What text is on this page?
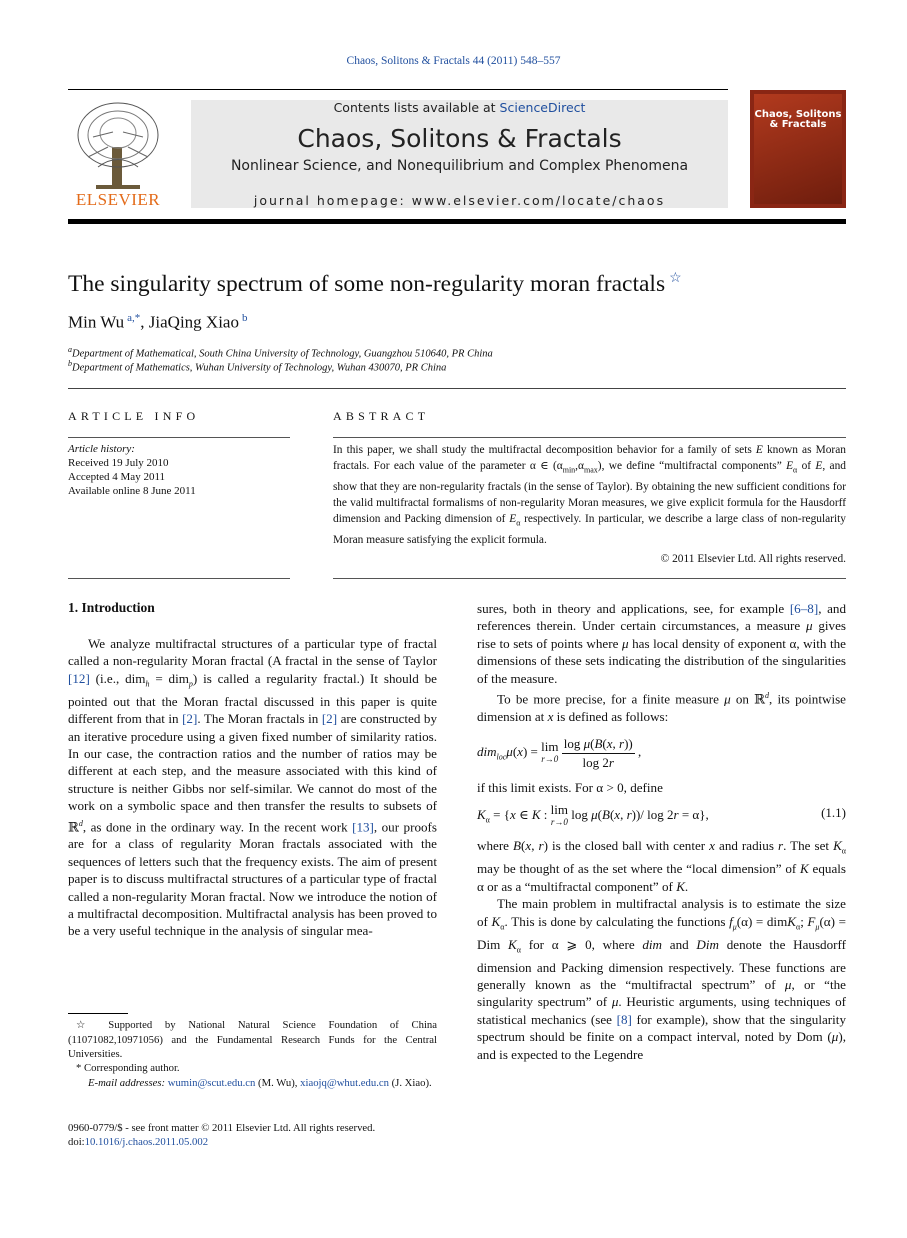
Chaos, Solitons & Fractals 44 (2011) 548–557
ELSEVIER
Contents lists available at ScienceDirect
Chaos, Solitons & Fractals
Nonlinear Science, and Nonequilibrium and Complex Phenomena
journal homepage: www.elsevier.com/locate/chaos
Chaos, Solitons & Fractals
The singularity spectrum of some non-regularity moran fractals ☆
Min Wu $^{a,*}$, JiaQing Xiao $^b$
$^a$Department of Mathematical, South China University of Technology, Guangzhou 510640, PR China
$^b$Department of Mathematics, Wuhan University of Technology, Wuhan 430070, PR China
ARTICLE INFO
Article history:
Received 19 July 2010
Accepted 4 May 2011
Available online 8 June 2011
ABSTRACT
In this paper, we shall study the multifractal decomposition behavior for a family of sets E known as Moran fractals. For each value of the parameter α ∈ $(\alpha_{min},\alpha_{max})$, we define “multifractal components” $E_\alpha$ of E, and show that they are non-regularity fractals (in the sense of Taylor). By obtaining the new sufficient conditions for the valid multifractal formalisms of non-regularity Moran measures, we give explicit formula for the Hausdorff dimension and Packing dimension of $E_\alpha$ respectively. In particular, we describe a large class of non-regularity Moran measure satisfying the explicit formula.
© 2011 Elsevier Ltd. All rights reserved.
1. Introduction

We analyze multifractal structures of a particular type of fractal called a non-regularity Moran fractal (A fractal in the sense of Taylor [12] (i.e., dim$_h$ = dim$_p$) is called a regularity fractal.) It should be pointed out that the Moran fractal discussed in this paper is quite different from that in [2]. The Moran fractals in [2] are constructed by an iterative procedure using a given fixed number of similarity ratios. In our case, the contraction ratios and the number of ratios may be different at each step, and the measure associated with this kind of structure is neither Gibbs nor self-similar. We cannot do most of the work on a symbolic space and then transfer the results to subsets of ℝ$^d$, as done in the ordinary way. In the recent work [13], our proofs are for a class of regularity Moran fractals associated with the sequences of letters such that the frequency exists. The aim of present paper is to discuss multifractal structures of a particular type of fractal called a non-regularity Moran fractal. Now we introduce the notion of a multifractal decomposition. Multifractal analysis has been proved to be a very useful technique in the analysis of singular mea-

☆ Supported by National Natural Science Foundation of China (11071082,10971056) and the Fundamental Research Funds for the Central Universities.
* Corresponding author.
E-mail addresses: wumin@scut.edu.cn (M. Wu), xiaojq@whut.edu.cn (J. Xiao).
0960-0779/$ - see front matter © 2011 Elsevier Ltd. All rights reserved.
doi:10.1016/j.chaos.2011.05.002

sures, both in theory and applications, see, for example [6–8], and references therein. Under certain circumstances, a measure μ gives rise to sets of points where μ has local density of exponent α, with the dimensions of these sets indicating the distribution of the singularities of the measure.

To be more precise, for a finite measure μ on ℝ$^d$, its pointwise dimension at x is defined as follows:

dim$_{loc}$μ(x) = lim
r→0
$\frac{\text{log μ(B(x, r))}}{\log 2r}$ ,

if this limit exists. For α > 0, define

$K_\alpha = \{x$ ∈ K : lim
r→0
log μ(B(x, r))/ log 2r = α},	(1.1)

where B(x, r) is the closed ball with center x and radius r. The set $K_\alpha$ may be thought of as the set where the “local dimension” of K equals α or as a “multifractal component” of K.

The main problem in multifractal analysis is to estimate the size of $K_\alpha$. This is done by calculating the functions $f_\mu(\alpha)$ = dimK$_\alpha$; $F_\mu(\alpha)$ = Dim $K_\alpha$ for α ⩾ 0, where dim and Dim denote the Hausdorff dimension and Packing dimension respectively. These functions are generally known as the “multifractal spectrum” of μ, or “the singularity spectrum” of μ. Heuristic arguments, using techniques of statistical mechanics (see [8] for example), show that the singularity spectrum should be finite on a compact interval, noted by Dom (μ), and is expected to the Legendre
